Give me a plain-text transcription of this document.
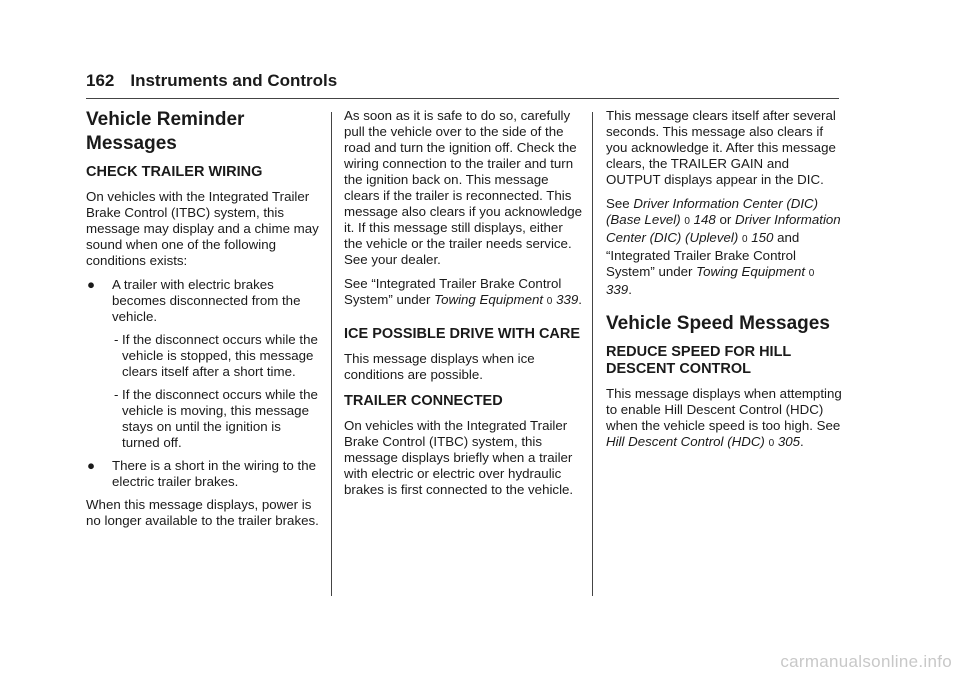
162 Instruments and Controls
Vehicle Reminder Messages
CHECK TRAILER WIRING

On vehicles with the Integrated Trailer Brake Control (ITBC) system, this message may display and a chime may sound when one of the following conditions exists:

● A trailer with electric brakes becomes disconnected from the vehicle.
- If the disconnect occurs while the vehicle is stopped, this message clears itself after a short time.
- If the disconnect occurs while the vehicle is moving, this message stays on until the ignition is turned off.
● There is a short in the wiring to the electric trailer brakes.

When this message displays, power is no longer available to the trailer brakes.

As soon as it is safe to do so, carefully pull the vehicle over to the side of the road and turn the ignition off. Check the wiring connection to the trailer and turn the ignition back on. This message clears if the trailer is reconnected. This message also clears if you acknowledge it. If this message still displays, either the vehicle or the trailer needs service. See your dealer.

See “Integrated Trailer Brake Control System” under Towing Equipment 0 339.

ICE POSSIBLE DRIVE WITH CARE

This message displays when ice conditions are possible.

TRAILER CONNECTED

On vehicles with the Integrated Trailer Brake Control (ITBC) system, this message displays briefly when a trailer with electric or electric over hydraulic brakes is first connected to the vehicle.

This message clears itself after several seconds. This message also clears if you acknowledge it. After this message clears, the TRAILER GAIN and OUTPUT displays appear in the DIC.

See Driver Information Center (DIC) (Base Level) 0 148 or Driver Information Center (DIC) (Uplevel) 0 150 and “Integrated Trailer Brake Control System” under Towing Equipment 0 339.

Vehicle Speed Messages
REDUCE SPEED FOR HILL DESCENT CONTROL

This message displays when attempting to enable Hill Descent Control (HDC) when the vehicle speed is too high. See Hill Descent Control (HDC) 0 305.

carmanualsonline.info
